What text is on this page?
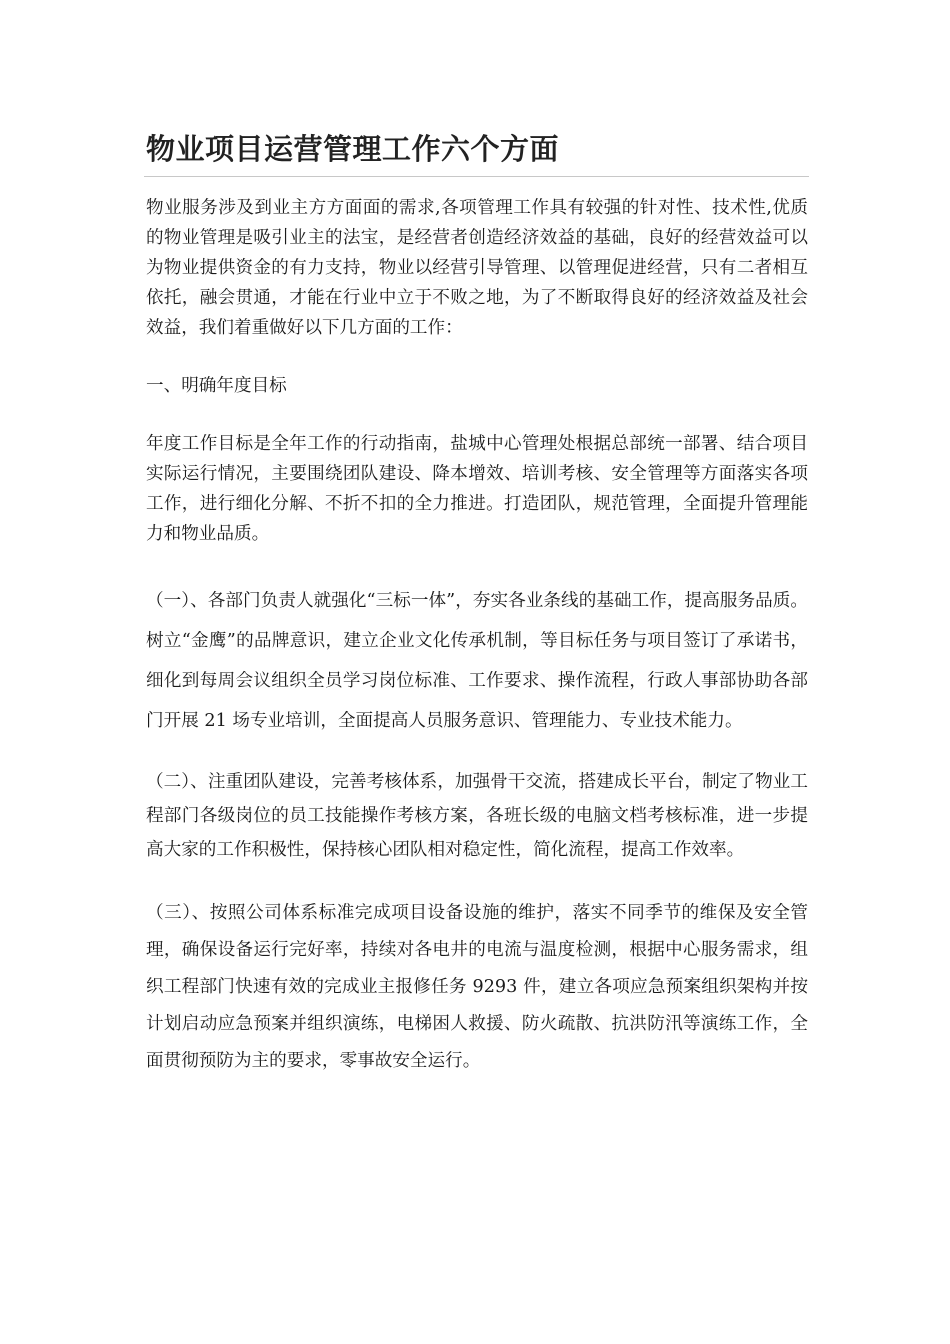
物业项目运营管理工作六个方面

物业服务涉及到业主方方面面的需求,各项管理工作具有较强的针对性、技术性,优质的物业管理是吸引业主的法宝，是经营者创造经济效益的基础，良好的经营效益可以为物业提供资金的有力支持，物业以经营引导管理、以管理促进经营，只有二者相互依托，融会贯通，才能在行业中立于不败之地，为了不断取得良好的经济效益及社会效益，我们着重做好以下几方面的工作：

一、明确年度目标

年度工作目标是全年工作的行动指南，盐城中心管理处根据总部统一部署、结合项目实际运行情况，主要围绕团队建设、降本增效、培训考核、安全管理等方面落实各项工作，进行细化分解、不折不扣的全力推进。打造团队，规范管理，全面提升管理能力和物业品质。

（一）、各部门负责人就强化“三标一体”，夯实各业条线的基础工作，提高服务品质。树立“金鹰”的品牌意识，建立企业文化传承机制，等目标任务与项目签订了承诺书，细化到每周会议组织全员学习岗位标准、工作要求、操作流程，行政人事部协助各部门开展 21 场专业培训，全面提高人员服务意识、管理能力、专业技术能力。

（二）、注重团队建设，完善考核体系，加强骨干交流，搭建成长平台，制定了物业工程部门各级岗位的员工技能操作考核方案，各班长级的电脑文档考核标准，进一步提高大家的工作积极性，保持核心团队相对稳定性，简化流程，提高工作效率。

（三）、按照公司体系标准完成项目设备设施的维护，落实不同季节的维保及安全管理，确保设备运行完好率，持续对各电井的电流与温度检测，根据中心服务需求，组织工程部门快速有效的完成业主报修任务 9293 件，建立各项应急预案组织架构并按计划启动应急预案并组织演练，电梯困人救援、防火疏散、抗洪防汛等演练工作，全面贯彻预防为主的要求，零事故安全运行。
